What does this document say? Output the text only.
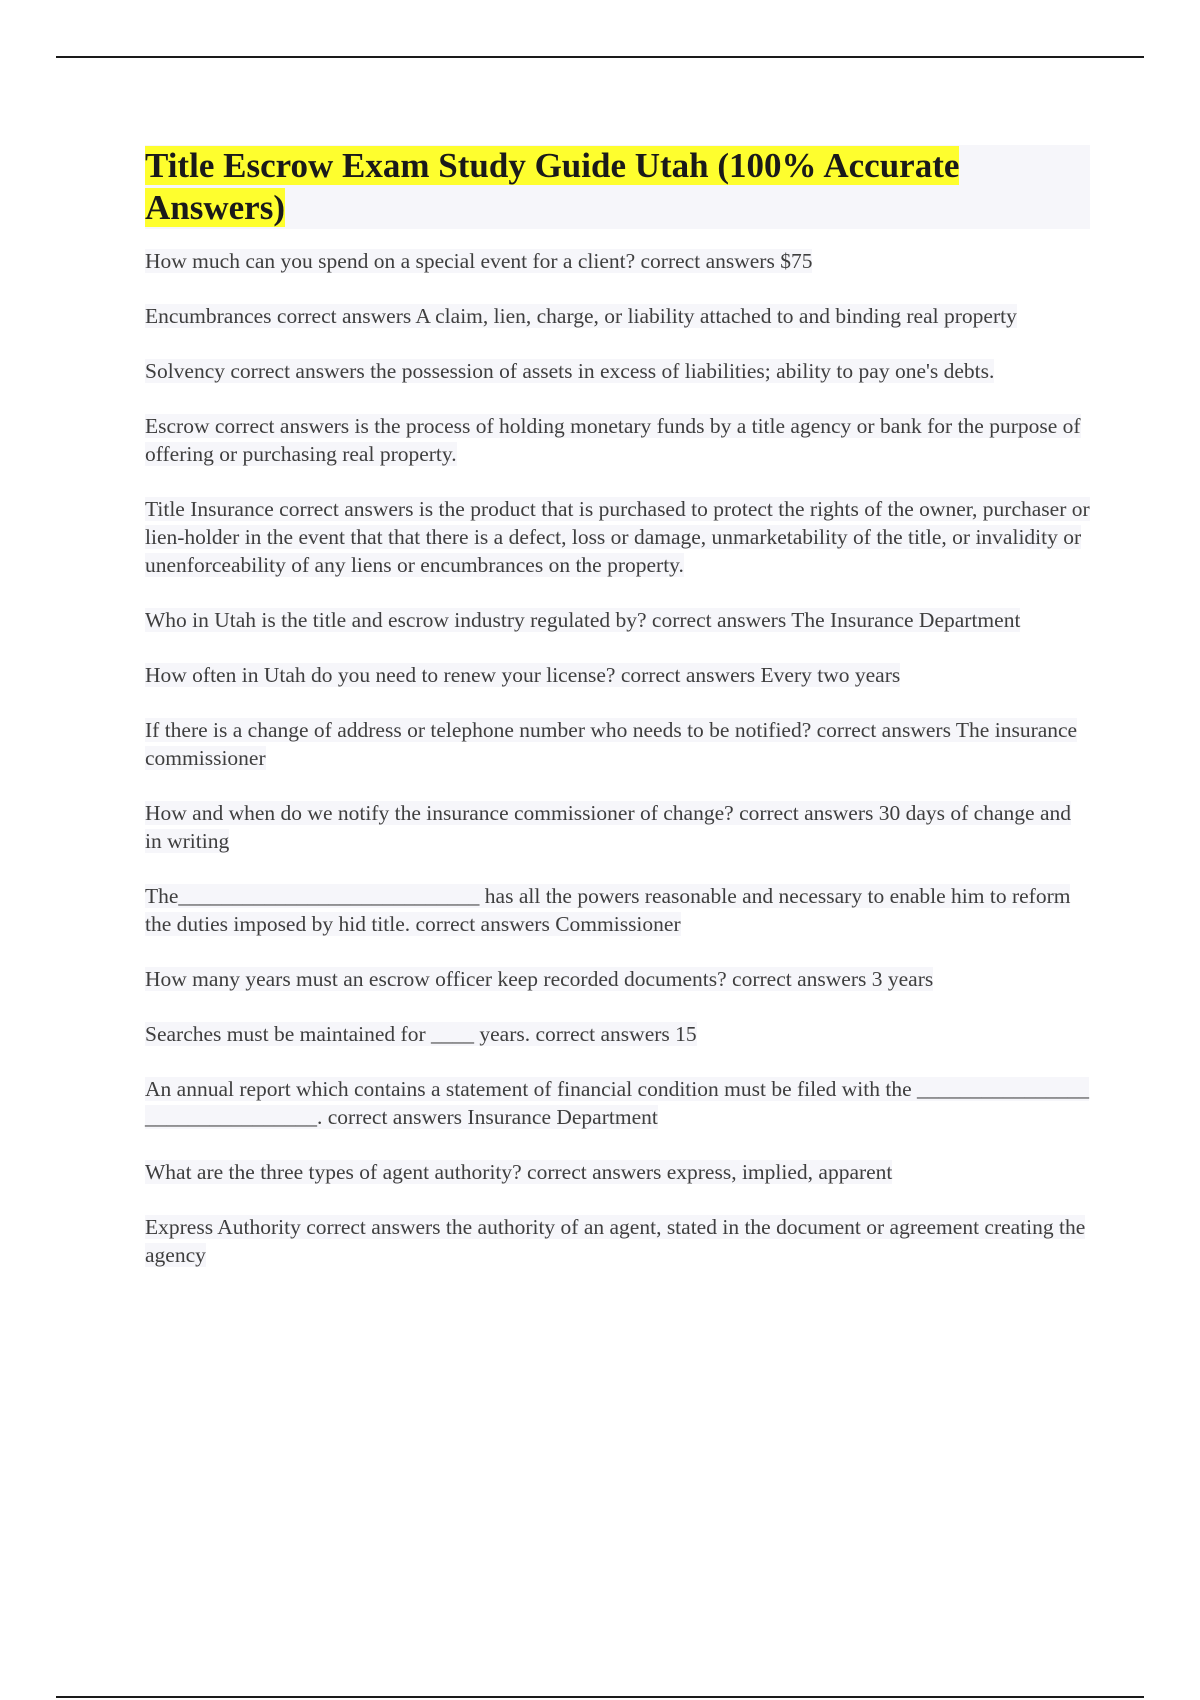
Title Escrow Exam Study Guide Utah (100% Accurate Answers)

How much can you spend on a special event for a client? correct answers $75

Encumbrances correct answers A claim, lien, charge, or liability attached to and binding real property

Solvency correct answers the possession of assets in excess of liabilities; ability to pay one's debts.

Escrow correct answers is the process of holding monetary funds by a title agency or bank for the purpose of offering or purchasing real property.

Title Insurance correct answers is the product that is purchased to protect the rights of the owner, purchaser or lien-holder in the event that that there is a defect, loss or damage, unmarketability of the title, or invalidity or unenforceability of any liens or encumbrances on the property.

Who in Utah is the title and escrow industry regulated by? correct answers The Insurance Department

How often in Utah do you need to renew your license? correct answers Every two years

If there is a change of address or telephone number who needs to be notified? correct answers The insurance commissioner

How and when do we notify the insurance commissioner of change? correct answers 30 days of change and in writing

The____________________________ has all the powers reasonable and necessary to enable him to reform the duties imposed by hid title. correct answers Commissioner

How many years must an escrow officer keep recorded documents? correct answers 3 years

Searches must be maintained for ____ years. correct answers 15

An annual report which contains a statement of financial condition must be filed with the ________________ ________________. correct answers Insurance Department

What are the three types of agent authority? correct answers express, implied, apparent

Express Authority correct answers the authority of an agent, stated in the document or agreement creating the agency
